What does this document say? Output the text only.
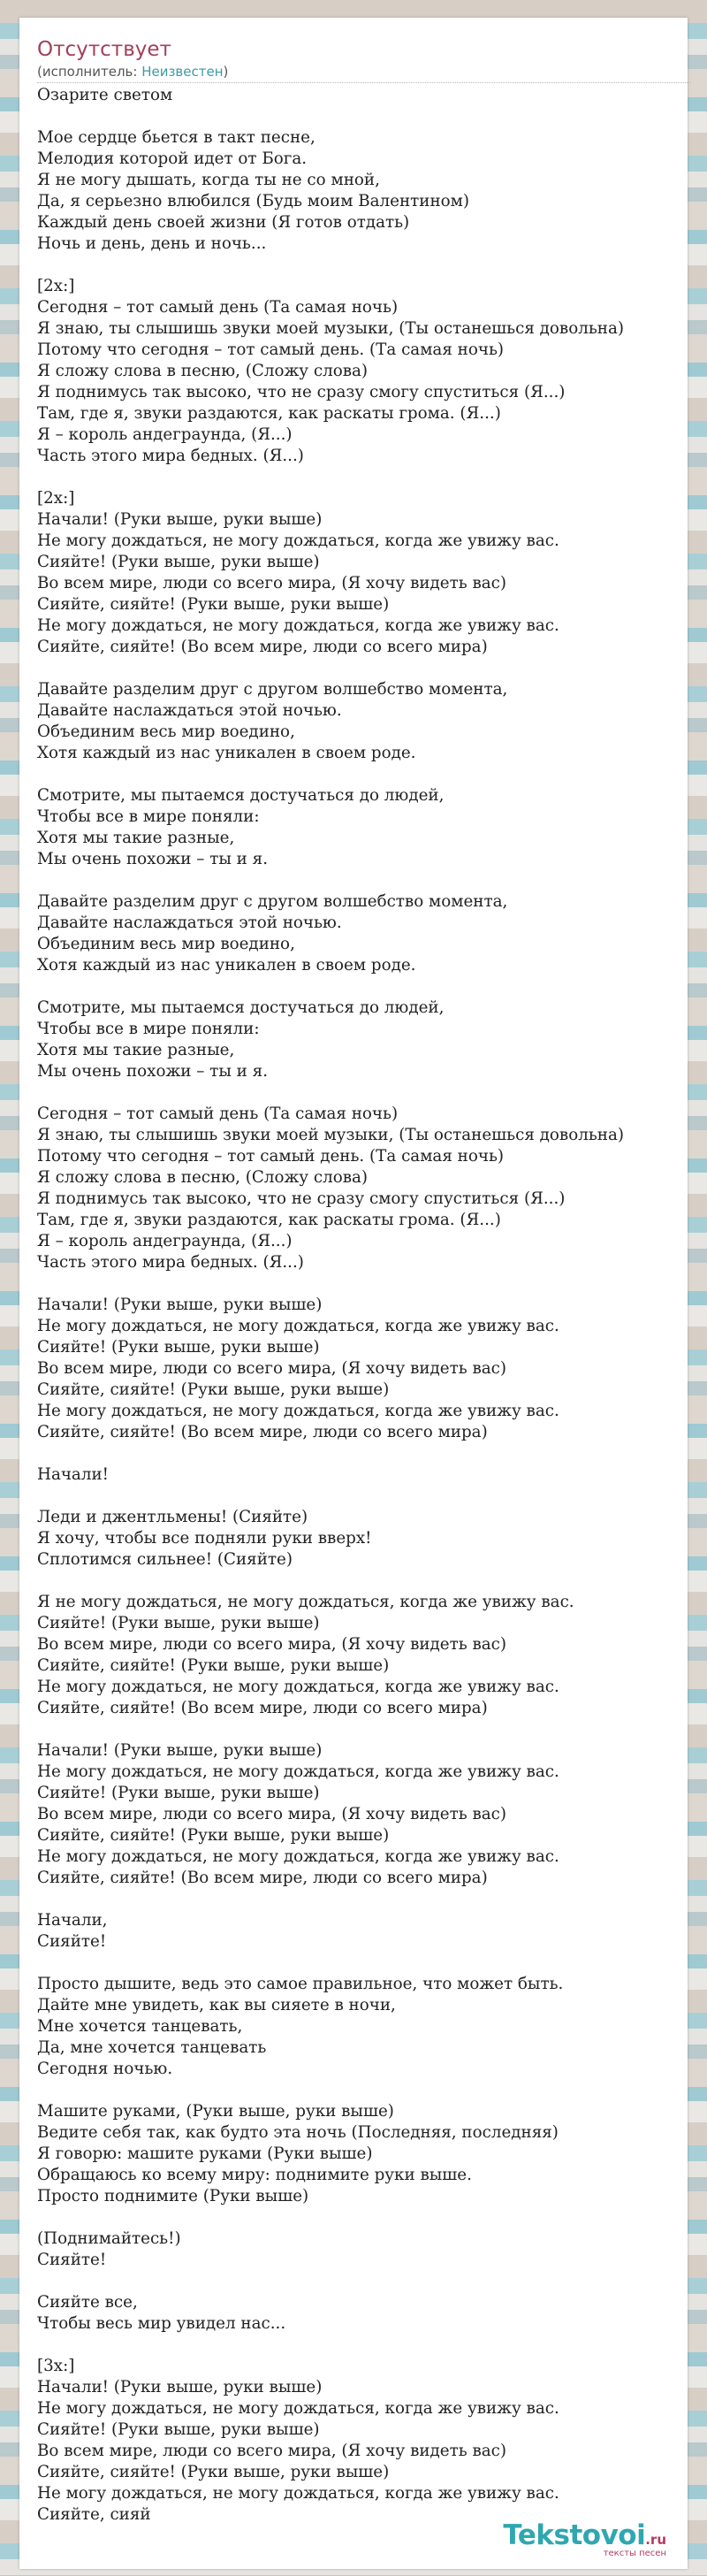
Отсутствует
(исполнитель: Неизвестен)
Озарите светом
Мое сердце бьется в такт песне,
Мелодия которой идет от Бога.
Я не могу дышать, когда ты не со мной,
Да, я серьезно влюбился (Будь моим Валентином)
Каждый день своей жизни (Я готов отдать)
Ночь и день, день и ночь...
[2x:]
Сегодня – тот самый день (Та самая ночь)
Я знаю, ты слышишь звуки моей музыки, (Ты останешься довольна)
Потому что сегодня – тот самый день. (Та самая ночь)
Я сложу слова в песню, (Сложу слова)
Я поднимусь так высоко, что не сразу смогу спуститься (Я...)
Там, где я, звуки раздаются, как раскаты грома. (Я...)
Я – король андеграунда, (Я...)
Часть этого мира бедных. (Я...)
[2x:]
Начали! (Руки выше, руки выше)
Не могу дождаться, не могу дождаться, когда же увижу вас.
Сияйте! (Руки выше, руки выше)
Во всем мире, люди со всего мира, (Я хочу видеть вас)
Сияйте, сияйте! (Руки выше, руки выше)
Не могу дождаться, не могу дождаться, когда же увижу вас.
Сияйте, сияйте! (Во всем мире, люди со всего мира)
Давайте разделим друг с другом волшебство момента,
Давайте наслаждаться этой ночью.
Объединим весь мир воедино,
Хотя каждый из нас уникален в своем роде.
Смотрите, мы пытаемся достучаться до людей,
Чтобы все в мире поняли:
Хотя мы такие разные,
Мы очень похожи – ты и я.
Давайте разделим друг с другом волшебство момента,
Давайте наслаждаться этой ночью.
Объединим весь мир воедино,
Хотя каждый из нас уникален в своем роде.
Смотрите, мы пытаемся достучаться до людей,
Чтобы все в мире поняли:
Хотя мы такие разные,
Мы очень похожи – ты и я.
Сегодня – тот самый день (Та самая ночь)
Я знаю, ты слышишь звуки моей музыки, (Ты останешься довольна)
Потому что сегодня – тот самый день. (Та самая ночь)
Я сложу слова в песню, (Сложу слова)
Я поднимусь так высоко, что не сразу смогу спуститься (Я...)
Там, где я, звуки раздаются, как раскаты грома. (Я...)
Я – король андеграунда, (Я...)
Часть этого мира бедных. (Я...)
Начали! (Руки выше, руки выше)
Не могу дождаться, не могу дождаться, когда же увижу вас.
Сияйте! (Руки выше, руки выше)
Во всем мире, люди со всего мира, (Я хочу видеть вас)
Сияйте, сияйте! (Руки выше, руки выше)
Не могу дождаться, не могу дождаться, когда же увижу вас.
Сияйте, сияйте! (Во всем мире, люди со всего мира)
Начали!
Леди и джентльмены! (Сияйте)
Я хочу, чтобы все подняли руки вверх!
Сплотимся сильнее! (Сияйте)
Я не могу дождаться, не могу дождаться, когда же увижу вас.
Сияйте! (Руки выше, руки выше)
Во всем мире, люди со всего мира, (Я хочу видеть вас)
Сияйте, сияйте! (Руки выше, руки выше)
Не могу дождаться, не могу дождаться, когда же увижу вас.
Сияйте, сияйте! (Во всем мире, люди со всего мира)
Начали! (Руки выше, руки выше)
Не могу дождаться, не могу дождаться, когда же увижу вас.
Сияйте! (Руки выше, руки выше)
Во всем мире, люди со всего мира, (Я хочу видеть вас)
Сияйте, сияйте! (Руки выше, руки выше)
Не могу дождаться, не могу дождаться, когда же увижу вас.
Сияйте, сияйте! (Во всем мире, люди со всего мира)
Начали,
Сияйте!
Просто дышите, ведь это самое правильное, что может быть.
Дайте мне увидеть, как вы сияете в ночи,
Мне хочется танцевать,
Да, мне хочется танцевать
Сегодня ночью.
Машите руками, (Руки выше, руки выше)
Ведите себя так, как будто эта ночь (Последняя, последняя)
Я говорю: машите руками (Руки выше)
Обращаюсь ко всему миру: поднимите руки выше.
Просто поднимите (Руки выше)
(Поднимайтесь!)
Сияйте!
Сияйте все,
Чтобы весь мир увидел нас...
[3x:]
Начали! (Руки выше, руки выше)
Не могу дождаться, не могу дождаться, когда же увижу вас.
Сияйте! (Руки выше, руки выше)
Во всем мире, люди со всего мира, (Я хочу видеть вас)
Сияйте, сияйте! (Руки выше, руки выше)
Не могу дождаться, не могу дождаться, когда же увижу вас.
Сияйте, сияй
Tekstovoi.ru
тексты песен
